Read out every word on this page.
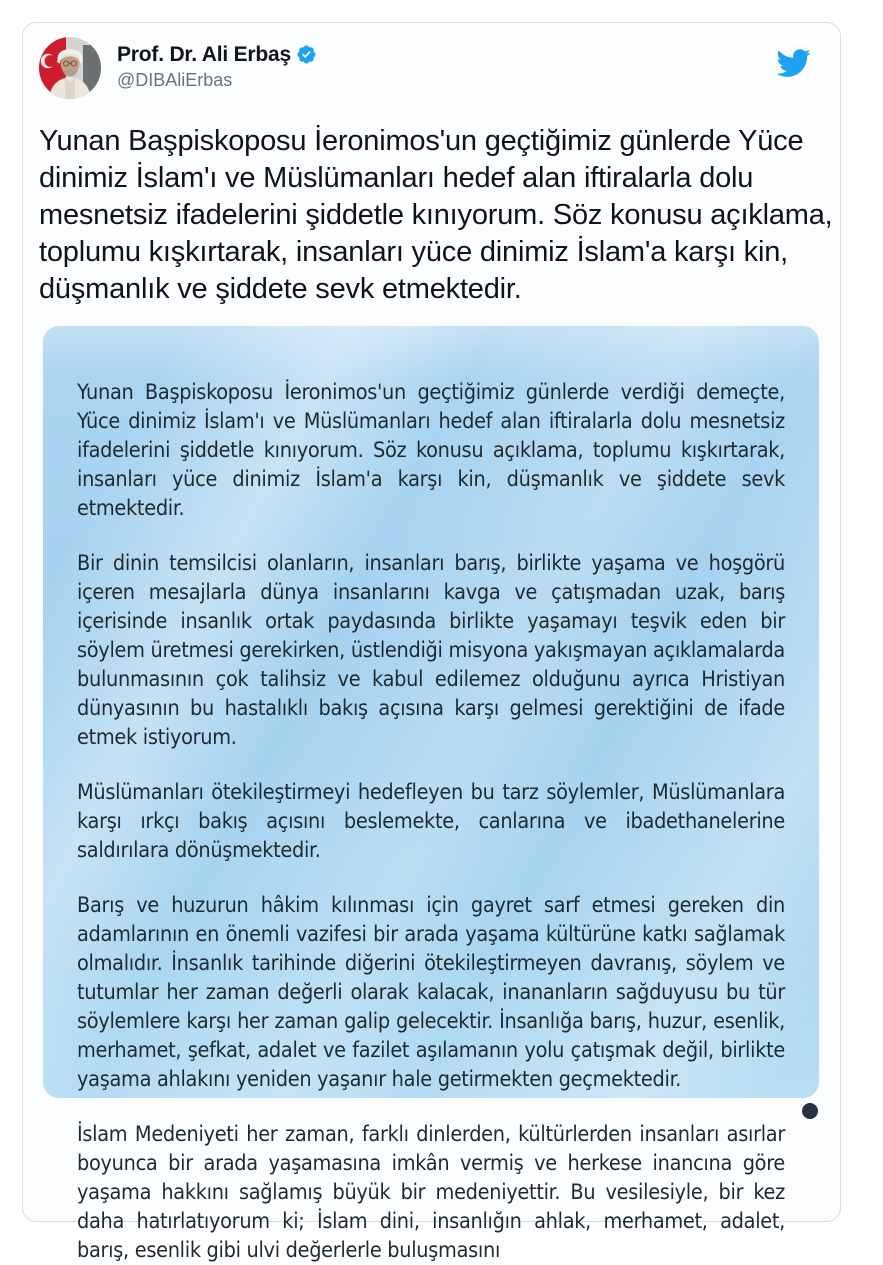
Prof. Dr. Ali Erbaş
@DIBAliErbas
Yunan Başpiskoposu İeronimos'un geçtiğimiz günlerde Yüce dinimiz İslam'ı ve Müslümanları hedef alan iftiralarla dolu mesnetsiz ifadelerini şiddetle kınıyorum. Söz konusu açıklama, toplumu kışkırtarak, insanları yüce dinimiz İslam'a karşı kin, düşmanlık ve şiddete sevk etmektedir.

Yunan Başpiskoposu İeronimos'un geçtiğimiz günlerde verdiği demeçte, Yüce dinimiz İslam'ı ve Müslümanları hedef alan iftiralarla dolu mesnetsiz ifadelerini şiddetle kınıyorum. Söz konusu açıklama, toplumu kışkırtarak, insanları yüce dinimiz İslam'a karşı kin, düşmanlık ve şiddete sevk etmektedir.

Bir dinin temsilcisi olanların, insanları barış, birlikte yaşama ve hoşgörü içeren mesajlarla dünya insanlarını kavga ve çatışmadan uzak, barış içerisinde insanlık ortak paydasında birlikte yaşamayı teşvik eden bir söylem üretmesi gerekirken, üstlendiği misyona yakışmayan açıklamalarda bulunmasının çok talihsiz ve kabul edilemez olduğunu ayrıca Hristiyan dünyasının bu hastalıklı bakış açısına karşı gelmesi gerektiğini de ifade etmek istiyorum.

Müslümanları ötekileştirmeyi hedefleyen bu tarz söylemler, Müslümanlara karşı ırkçı bakış açısını beslemekte, canlarına ve ibadethanelerine saldırılara dönüşmektedir.

Barış ve huzurun hâkim kılınması için gayret sarf etmesi gereken din adamlarının en önemli vazifesi bir arada yaşama kültürüne katkı sağlamak olmalıdır. İnsanlık tarihinde diğerini ötekileştirmeyen davranış, söylem ve tutumlar her zaman değerli olarak kalacak, inananların sağduyusu bu tür söylemlere karşı her zaman galip gelecektir. İnsanlığa barış, huzur, esenlik, merhamet, şefkat, adalet ve fazilet aşılamanın yolu çatışmak değil, birlikte yaşama ahlakını yeniden yaşanır hale getirmekten geçmektedir.

İslam Medeniyeti her zaman, farklı dinlerden, kültürlerden insanları asırlar boyunca bir arada yaşamasına imkân vermiş ve herkese inancına göre yaşama hakkını sağlamış büyük bir medeniyettir. Bu vesilesiyle, bir kez daha hatırlatıyorum ki; İslam dini, insanlığın ahlak, merhamet, adalet, barış, esenlik gibi ulvi değerlerle buluşmasını
